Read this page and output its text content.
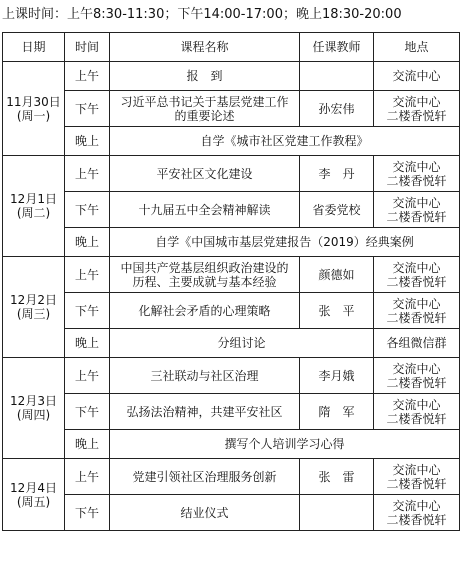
上课时间：上午8:30-11:30；下午14:00-17:00；晚上18:30-20:00
日期	时间	课程名称	任课教师	地点
11月30日
(周一)	上午	报　到		交流中心
	下午	习近平总书记关于基层党建工作
的重要论述	孙宏伟	交流中心
二楼香悦轩
	晚上	自学《城市社区党建工作教程》		
12月1日
(周二)	上午	平安社区文化建设	李　丹	交流中心
二楼香悦轩
	下午	十九届五中全会精神解读	省委党校	交流中心
二楼香悦轩
	晚上	自学《中国城市基层党建报告（2019）经典案例		
12月2日
(周三)	上午	中国共产党基层组织政治建设的
历程、主要成就与基本经验	颜德如	交流中心
二楼香悦轩
	下午	化解社会矛盾的心理策略	张　平	交流中心
二楼香悦轩
	晚上	分组讨论		各组微信群
12月3日
(周四)	上午	三社联动与社区治理	李月娥	交流中心
二楼香悦轩
	下午	弘扬法治精神，共建平安社区	隋　军	交流中心
二楼香悦轩
	晚上	撰写个人培训学习心得		
12月4日
(周五)	上午	党建引领社区治理服务创新	张　雷	交流中心
二楼香悦轩
	下午	结业仪式		交流中心
二楼香悦轩
